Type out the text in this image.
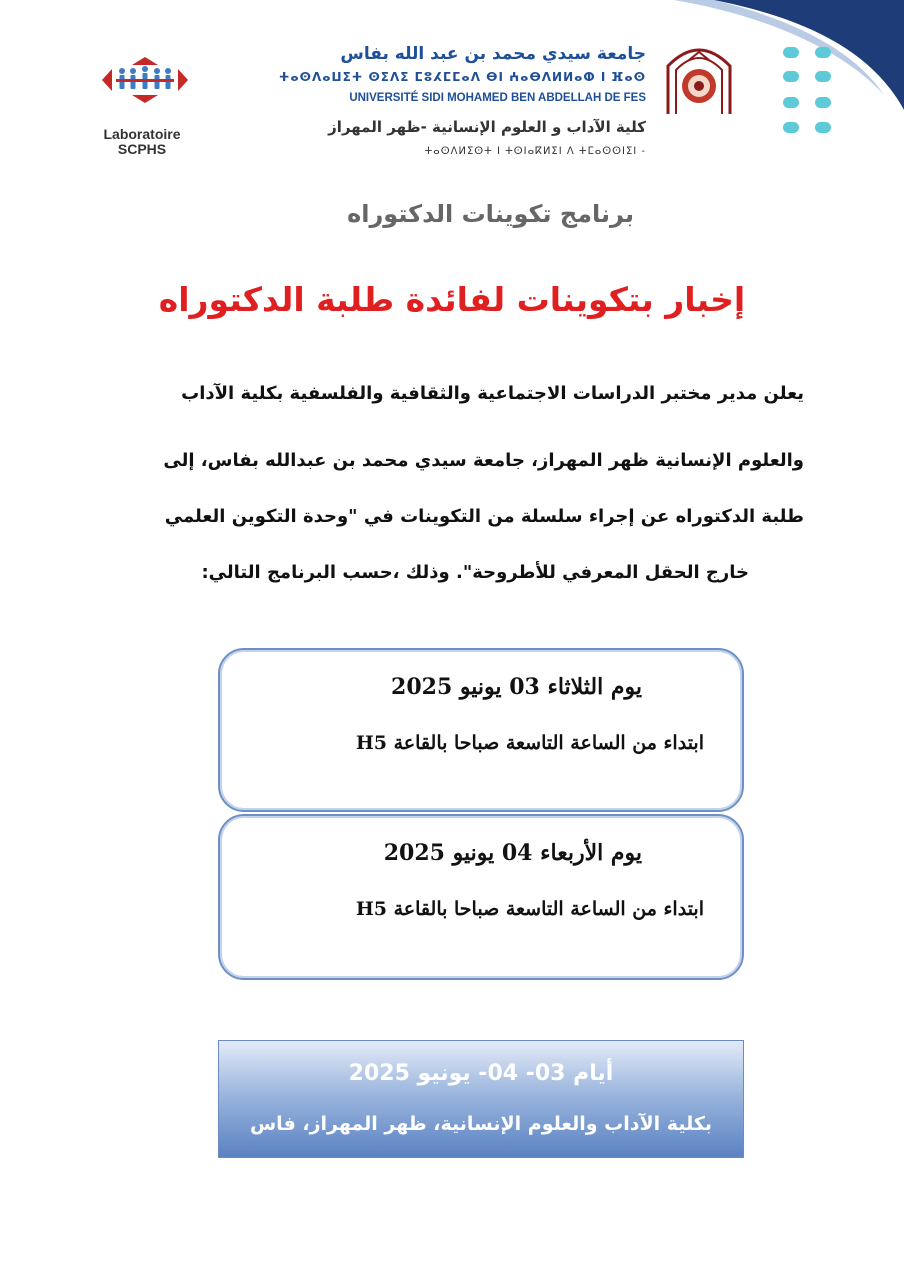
Laboratoire
SCPHS
جامعة سيدي محمد بن عبد الله بفاس
ⵜⴰⵙⴷⴰⵡⵉⵜ ⵙⵉⴷⵉ ⵎⵓⵃⵎⵎⴰⴷ ⴱⵏ ⵄⴰⴱⴷⵍⵍⴰⵀ ⵏ ⴼⴰⵙ
UNIVERSITÉ SIDI MOHAMED BEN ABDELLAH DE FES
كلية الآداب و العلوم الإنسانية -ظهر المهراز
ⵜⴰⵙⴷⵍⵉⵙⵜ ⵏ ⵜⵙⵏⴰⴽⵍⵉⵏ ⴷ ⵜⵎⴰⵙⵙⵏⵉⵏ -
برنامج تكوينات الدكتوراه
إخبار بتكوينات لفائدة طلبة الدكتوراه
يعلن مدير مختبر الدراسات الاجتماعية والثقافية والفلسفية بكلية الآداب
والعلوم الإنسانية ظهر المهراز، جامعة سيدي محمد بن عبدالله بفاس، إلى
طلبة الدكتوراه عن إجراء سلسلة من التكوينات في "وحدة التكوين العلمي
خارج الحقل المعرفي للأطروحة". وذلك ،حسب البرنامج التالي:
يوم الثلاثاء 03 يونيو 2025
ابتداء من الساعة التاسعة صباحا بالقاعة H5
يوم الأربعاء 04 يونيو 2025
ابتداء من الساعة التاسعة صباحا بالقاعة H5
أيام 03- 04- يونيو 2025
بكلية الآداب والعلوم الإنسانية، ظهر المهراز، فاس
